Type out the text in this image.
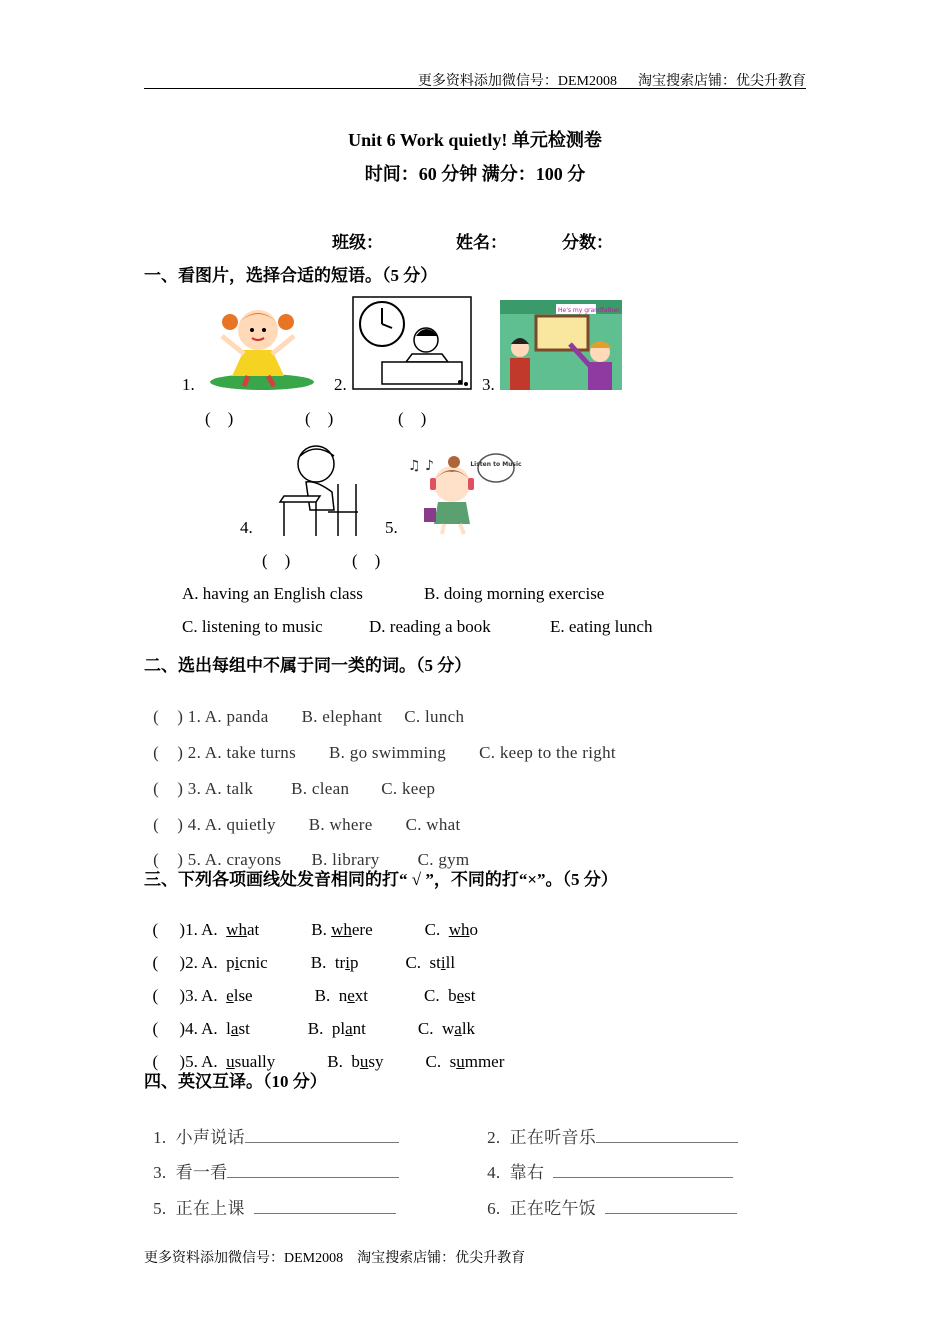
更多资料添加微信号：DEM2008      淘宝搜索店铺：优尖升教育
Unit 6 Work quietly! 单元检测卷
时间：60 分钟 满分：100 分
班级：	姓名：	分数：
一、看图片，选择合适的短语。（5 分）
1.	2.
He's my grandfather
3.
(    )	(    )	(    )
4.
♫ ♪	Listen to Music
5.
(    )	(    )
A. having an English class	B. doing morning exercise
C. listening to music	D. reading a book	E. eating lunch
二、选出每组中不属于同一类的词。（5 分）

(    ) 1. A. panda B. elephant C. lunch

(    ) 2. A. take turns B. go swimming C. keep to the right

(    ) 3. A. talk B. clean C. keep

(    ) 4. A. quietly B. where C. what

(    ) 5. A. crayons B. library C. gym

三、下列各项画线处发音相同的打“ √ ”，不同的打“×”。（5 分）

(     )1. A.  what	B. where	C.  who

(     )2. A.  picnic	B.  trip	C.  still

(     )3. A.  else	B.  next	C.  best

(     )4. A.  last	B.  plant	C.  walk

(     )5. A.  usually	B.  busy C.  summer

四、英汉互译。（10 分）

1. 小声说话	2. 正在听音乐

3. 看一看	4. 靠右

5. 正在上课	6. 正在吃午饭

更多资料添加微信号：DEM2008    淘宝搜索店铺：优尖升教育
